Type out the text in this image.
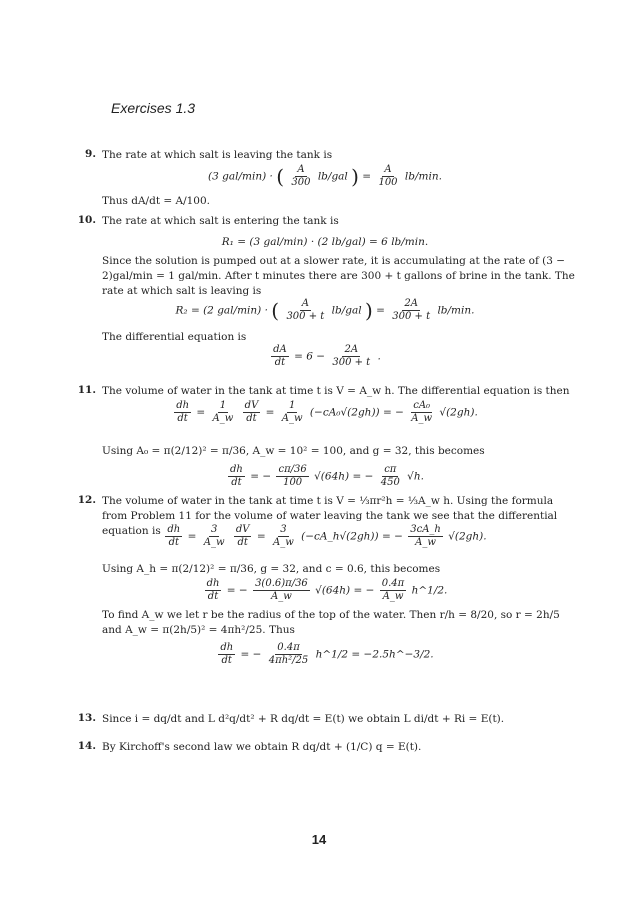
Exercises 1.3
9. The rate at which salt is leaving the tank is
(3 gal/min) · ( $\frac{A}{300} lb/gal$ ) = $\frac{A}{100} lb/\min$.
Thus dA/dt = A/100.
10. The rate at which salt is entering the tank is
R₁ = (3 gal/min) · (2 lb/gal) = 6 lb/min.
Since the solution is pumped out at a slower rate, it is accumulating at the rate of (3 − 2)gal/min = 1 gal/min. After t minutes there are 300 + t gallons of brine in the tank. The rate at which salt is leaving is
R₂ = (2 gal/min) · ( $\frac{A}{300 + t} lb/gal$ ) = $\frac{2A}{300 + t} lb/\min$.
The differential equation is
$\frac{dA}{dt} = 6 - \frac{2A}{300 + t}$ .
11. The volume of water in the tank at time t is V = A_w h. The differential equation is then
$\frac{dh}{dt} = \frac{1}{A\_w}$
$\frac{dV}{dt} = \frac{1}{A\_w} (-cA_0√(2gh))$ = − $\frac{\text{cA₀}}{A\_w} √(2gh)$.
Using A₀ = π(2/12)² = π/36, A_w = 10² = 100, and g = 32, this becomes
$\frac{dh}{dt}$ = − $\frac{c\pi/36}{100} √(64h)$ = − $\frac{c\pi}{450} √h$.
12. The volume of water in the tank at time t is V = ⅓πr²h = ⅓A_w h. Using the formula from Problem 11 for the volume of water leaving the tank we see that the differential equation is $\frac{dh}{dt} = \frac{3}{A\_w}$
$\frac{dV}{dt} = \frac{3}{A\_w}$ (−cA_h√(2gh)) = − $\frac{3cA\_h}{A\_w} √(2gh)$.
Using A_h = π(2/12)² = π/36, g = 32, and c = 0.6, this becomes
$\frac{dh}{dt}$ = − $\frac{3(0.6)\pi/36}{A\_w} √(64h)$ = − $\frac{0.4\pi}{A\_w}$ h^1/2.
To find A_w we let r be the radius of the top of the water. Then r/h = 8/20, so r = 2h/5 and A_w = π(2h/5)² = 4πh²/25. Thus
$\frac{dh}{dt}$ = − $\frac{0.4\pi}{\text{4πh²/25}}$ h^1/2 = −2.5h^−3/2.
13. Since i = dq/dt and L d²q/dt² + R dq/dt = E(t) we obtain L di/dt + Ri = E(t).
14. By Kirchoff's second law we obtain R dq/dt + (1/C) q = E(t).
14
